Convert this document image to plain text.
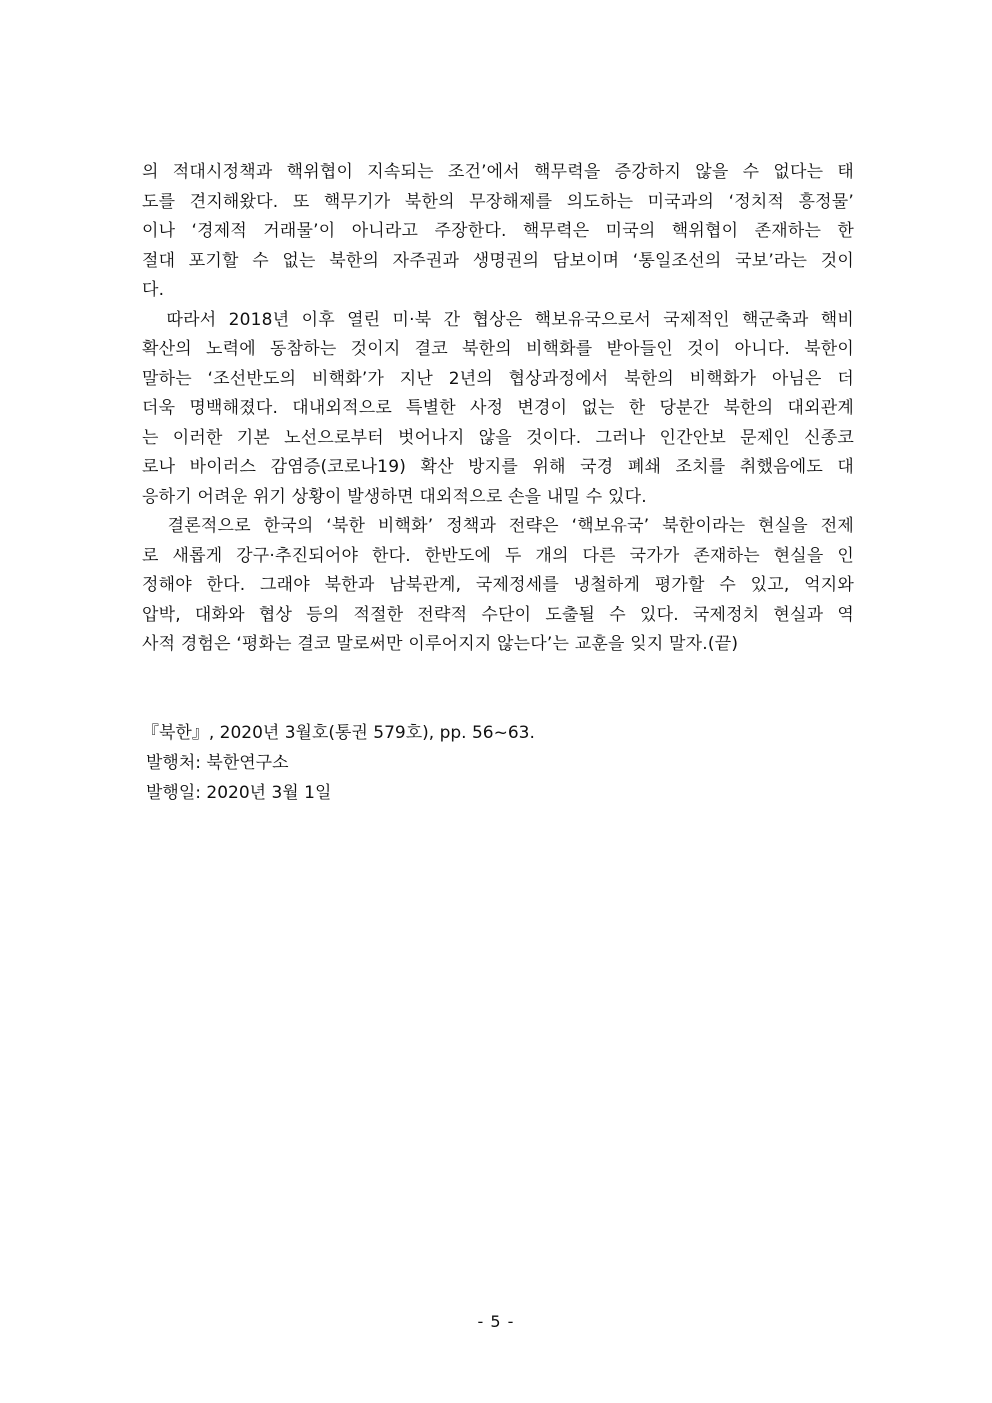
의 적대시정책과 핵위협이 지속되는 조건’에서 핵무력을 증강하지 않을 수 없다는 태
도를 견지해왔다. 또 핵무기가 북한의 무장해제를 의도하는 미국과의 ‘정치적 흥정물’
이나 ‘경제적 거래물’이 아니라고 주장한다. 핵무력은 미국의 핵위협이 존재하는 한
절대 포기할 수 없는 북한의 자주권과 생명권의 담보이며 ‘통일조선의 국보’라는 것이
다.
따라서 2018년 이후 열린 미·북 간 협상은 핵보유국으로서 국제적인 핵군축과 핵비
확산의 노력에 동참하는 것이지 결코 북한의 비핵화를 받아들인 것이 아니다. 북한이
말하는 ‘조선반도의 비핵화’가 지난 2년의 협상과정에서 북한의 비핵화가 아님은 더
더욱 명백해졌다. 대내외적으로 특별한 사정 변경이 없는 한 당분간 북한의 대외관계
는 이러한 기본 노선으로부터 벗어나지 않을 것이다. 그러나 인간안보 문제인 신종코
로나 바이러스 감염증(코로나19) 확산 방지를 위해 국경 폐쇄 조치를 취했음에도 대
응하기 어려운 위기 상황이 발생하면 대외적으로 손을 내밀 수 있다.
결론적으로 한국의 ‘북한 비핵화’ 정책과 전략은 ‘핵보유국’ 북한이라는 현실을 전제
로 새롭게 강구·추진되어야 한다. 한반도에 두 개의 다른 국가가 존재하는 현실을 인
정해야 한다. 그래야 북한과 남북관계, 국제정세를 냉철하게 평가할 수 있고, 억지와
압박, 대화와 협상 등의 적절한 전략적 수단이 도출될 수 있다. 국제정치 현실과 역
사적 경험은 ‘평화는 결코 말로써만 이루어지지 않는다’는 교훈을 잊지 말자.(끝)
『북한』, 2020년 3월호(통권 579호), pp. 56~63.
발행처: 북한연구소
발행일: 2020년 3월 1일
- 5 -
